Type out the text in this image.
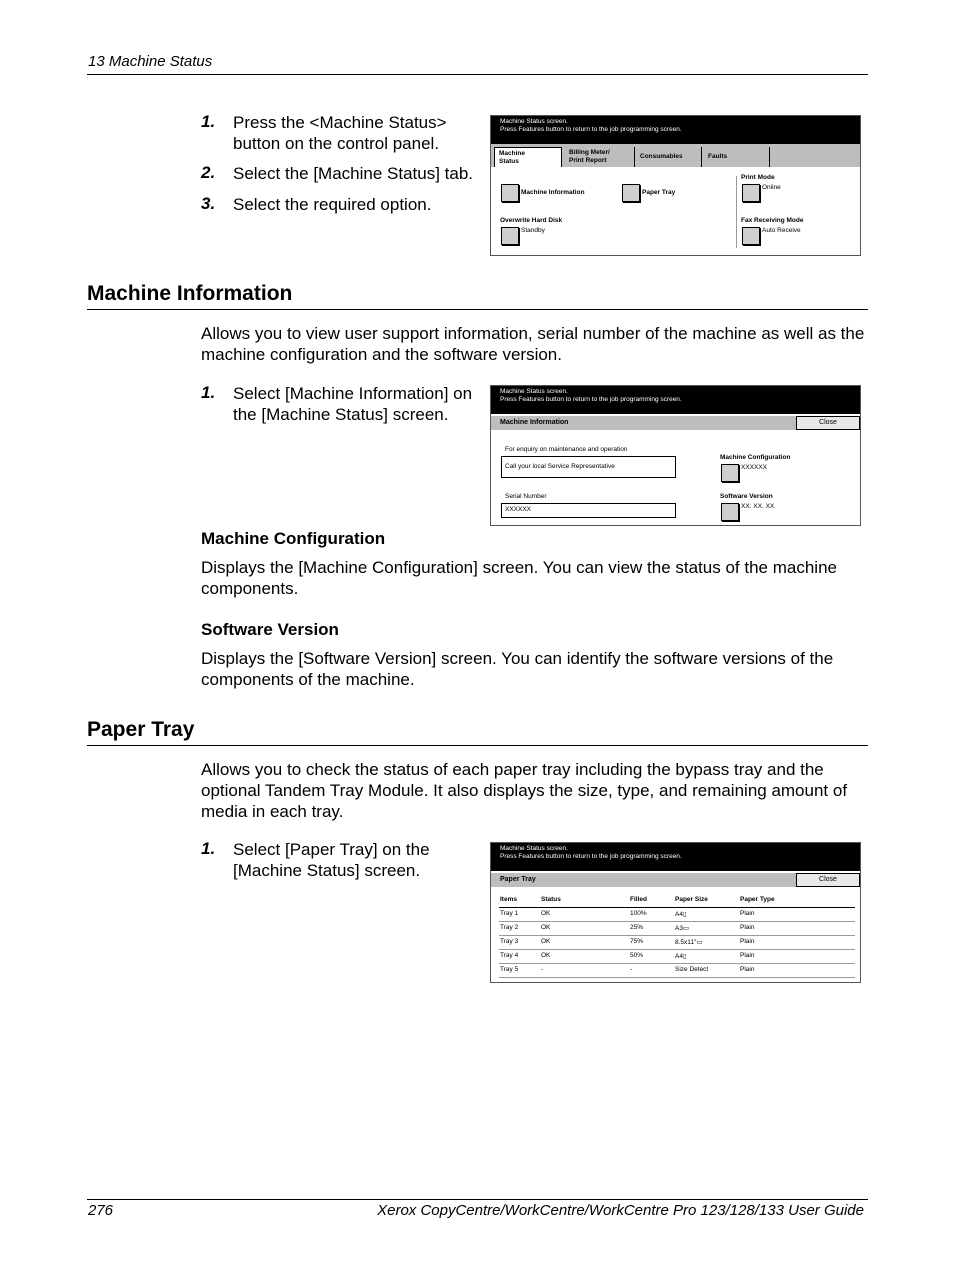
13 Machine Status
1. Press the <Machine Status> button on the control panel.
2. Select the [Machine Status] tab.
3. Select the required option.
Machine Status screen.
Press Features button to return to the job programming screen.
Machine
Status
Billing Meter/
Print Report
Consumables	Faults
Machine Information	Paper Tray
Print Mode
Online
Overwrite Hard Disk
Standby
Fax Receiving Mode
Auto Receive
Machine Information
Allows you to view user support information, serial number of the machine as well as the machine configuration and the software version.
1. Select [Machine Information] on the [Machine Status] screen.
Machine Status screen.
Press Features button to return to the job programming screen.
Machine Information	Close
For enquiry on maintenance and operation
Call your local Service Representative
Serial Number
XXXXXX
Machine Configuration
XXXXXX
Software Version
XX. XX. XX
Machine Configuration
Displays the [Machine Configuration] screen. You can view the status of the machine components.
Software Version
Displays the [Software Version] screen. You can identify the software versions of the components of the machine.
Paper Tray
Allows you to check the status of each paper tray including the bypass tray and the optional Tandem Tray Module. It also displays the size, type, and remaining amount of media in each tray.
1. Select [Paper Tray] on the [Machine Status] screen.
Machine Status screen.
Press Features button to return to the job programming screen.
Paper Tray	Close
Items	Status	Filled	Paper Size	Paper Type
Tray 1	OK	100%	A4▯	Plain
Tray 2	OK	25%	A3▭	Plain
Tray 3	OK	75%	8.5x11"▭	Plain
Tray 4	OK	50%	A4▯	Plain
Tray 5	-	-	Size Detect	Plain
276	Xerox CopyCentre/WorkCentre/WorkCentre Pro 123/128/133 User Guide
